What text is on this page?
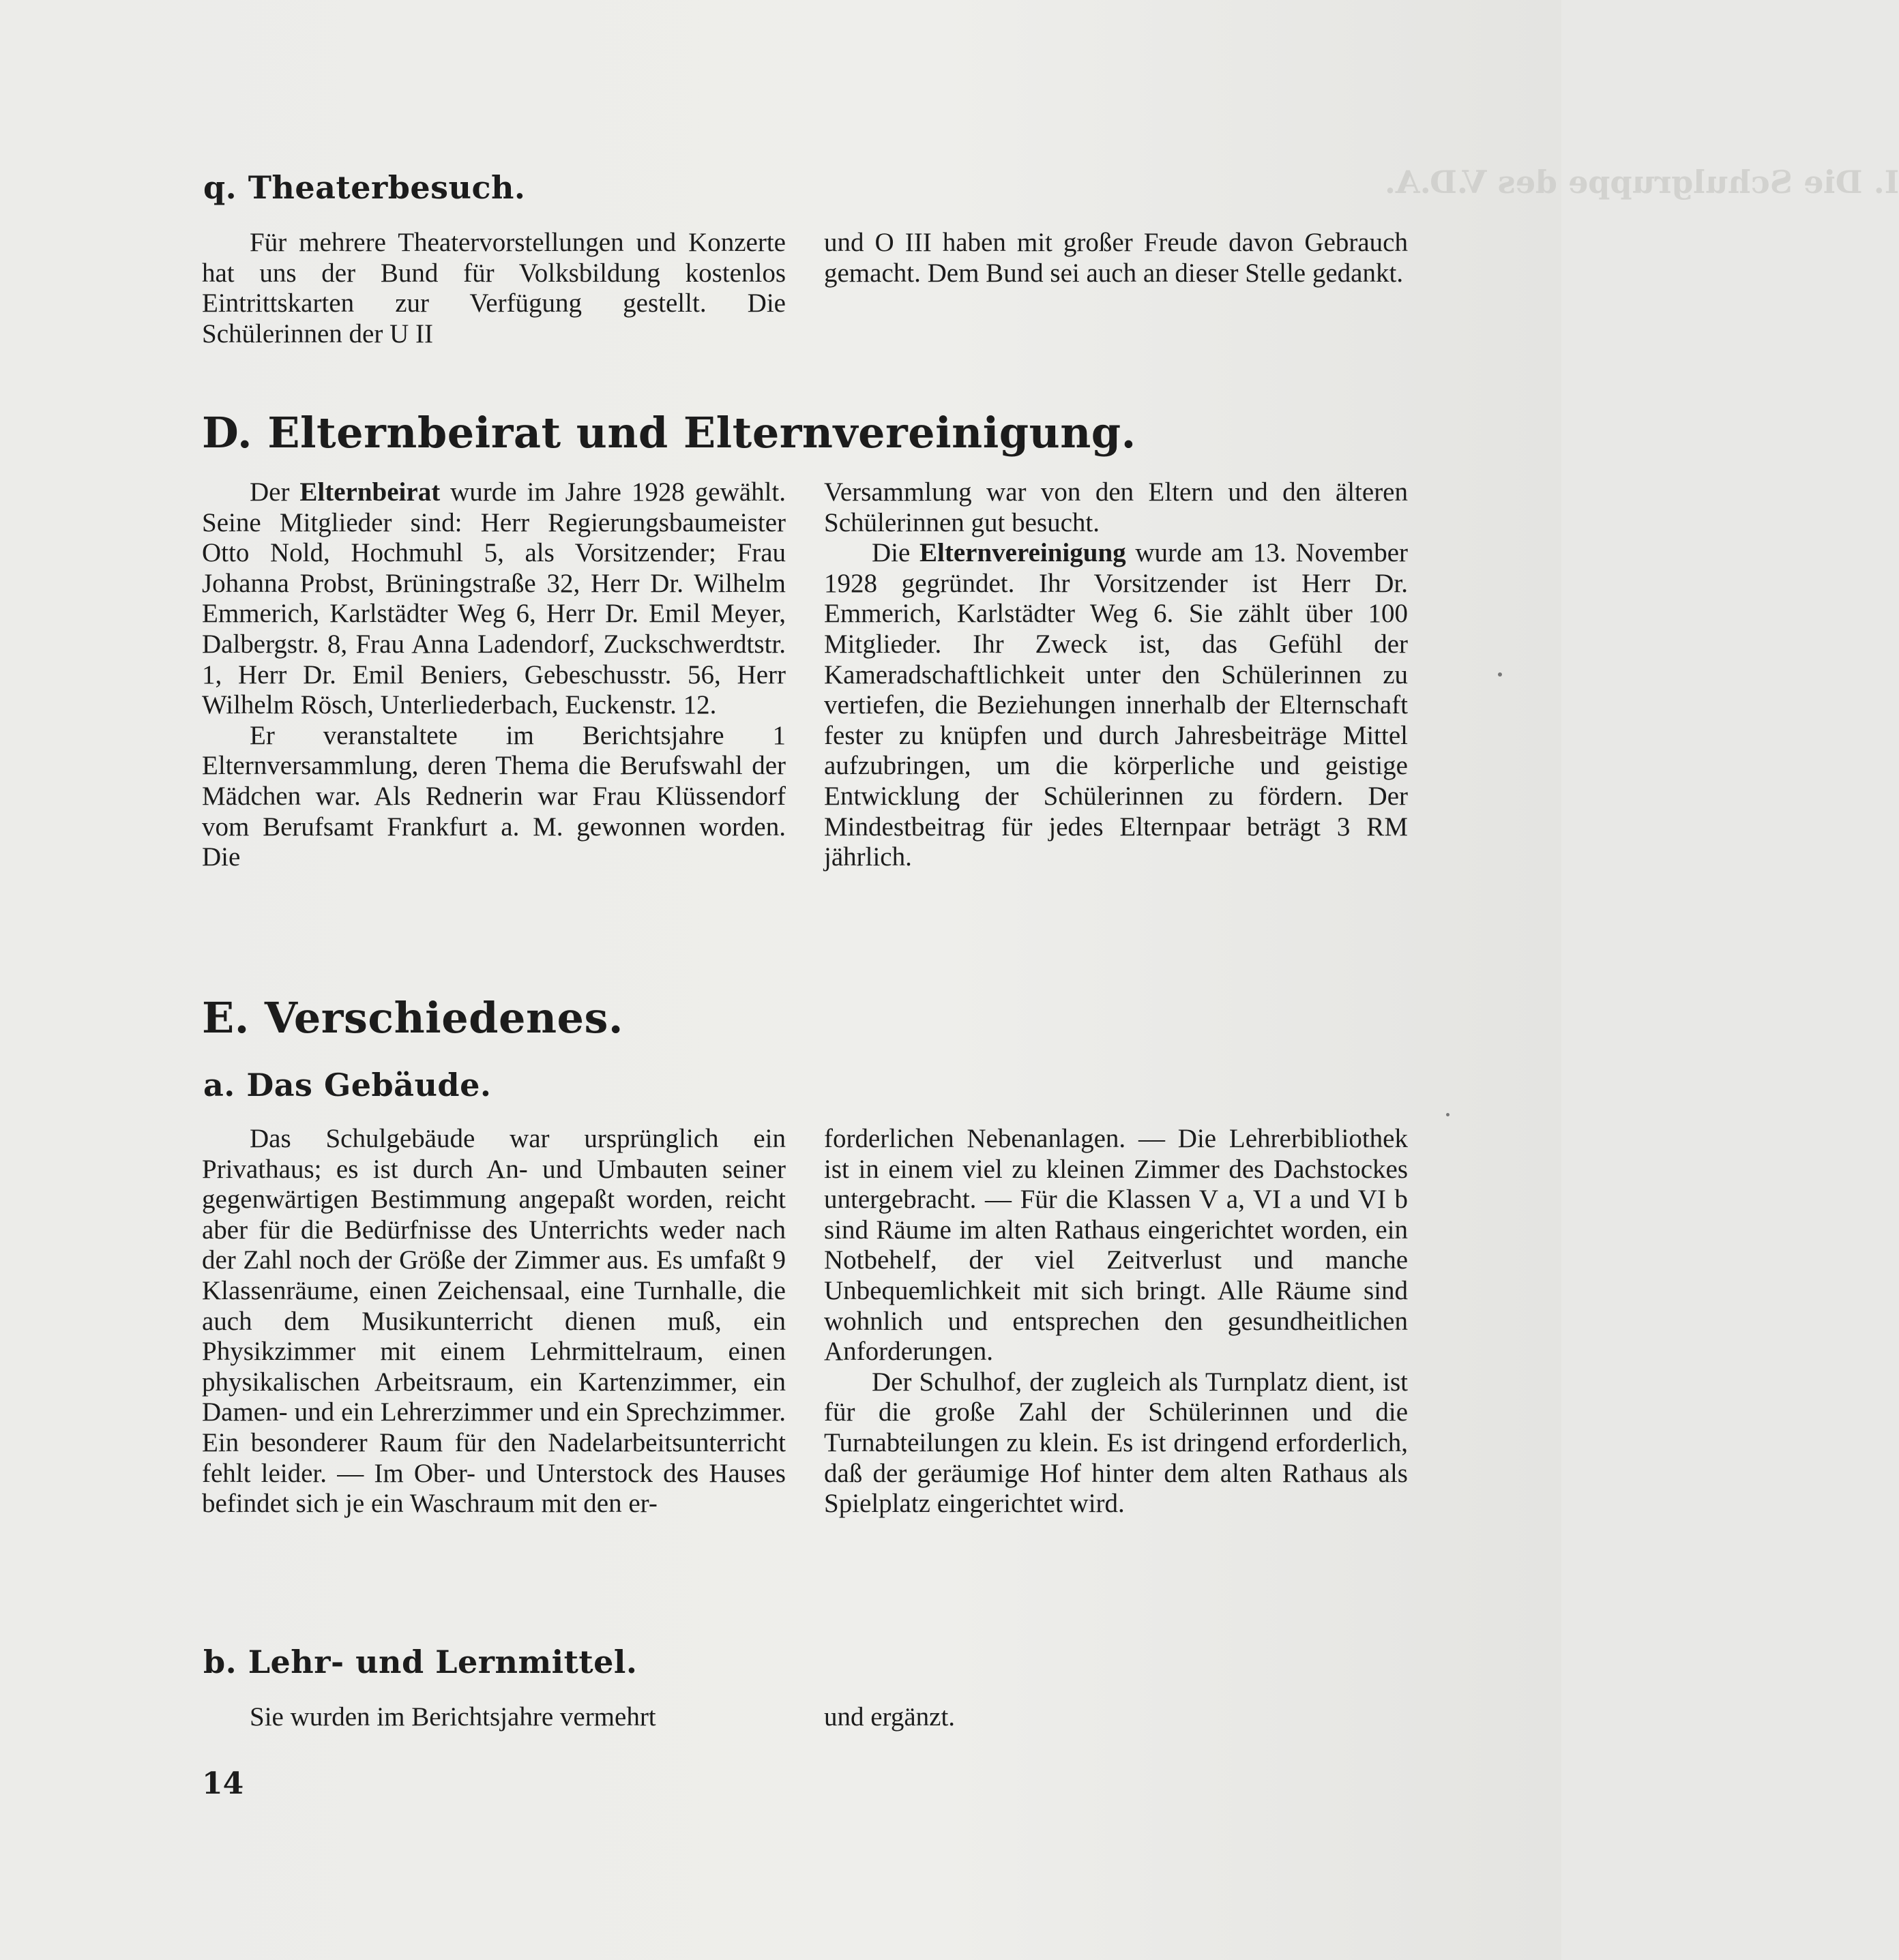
I. Die Schulgruppe des V.D.A.
q. Theaterbesuch.

Für mehrere Theatervorstellungen und Konzerte hat uns der Bund für Volksbildung kostenlos Eintrittskarten zur Verfügung gestellt. Die Schülerinnen der U II

und O III haben mit großer Freude davon Gebrauch gemacht. Dem Bund sei auch an dieser Stelle gedankt.

D. Elternbeirat und Elternvereinigung.

Der Elternbeirat wurde im Jahre 1928 gewählt. Seine Mitglieder sind: Herr Regierungsbaumeister Otto Nold, Hochmuhl 5, als Vorsitzender; Frau Johanna Probst, Brüningstraße 32, Herr Dr. Wilhelm Emmerich, Karlstädter Weg 6, Herr Dr. Emil Meyer, Dalbergstr. 8, Frau Anna Ladendorf, Zuckschwerdtstr. 1, Herr Dr. Emil Beniers, Gebeschusstr. 56, Herr Wilhelm Rösch, Unterliederbach, Euckenstr. 12.

Er veranstaltete im Berichtsjahre 1 Elternversammlung, deren Thema die Berufswahl der Mädchen war. Als Rednerin war Frau Klüssendorf vom Berufsamt Frankfurt a. M. gewonnen worden. Die

Versammlung war von den Eltern und den älteren Schülerinnen gut besucht.

Die Elternvereinigung wurde am 13. November 1928 gegründet. Ihr Vorsitzender ist Herr Dr. Emmerich, Karlstädter Weg 6. Sie zählt über 100 Mitglieder. Ihr Zweck ist, das Gefühl der Kameradschaftlichkeit unter den Schülerinnen zu vertiefen, die Beziehungen innerhalb der Elternschaft fester zu knüpfen und durch Jahresbeiträge Mittel aufzubringen, um die körperliche und geistige Entwicklung der Schülerinnen zu fördern. Der Mindestbeitrag für jedes Elternpaar beträgt 3 RM jährlich.

E. Verschiedenes.
a. Das Gebäude.

Das Schulgebäude war ursprünglich ein Privathaus; es ist durch An- und Umbauten seiner gegenwärtigen Bestimmung angepaßt worden, reicht aber für die Bedürfnisse des Unterrichts weder nach der Zahl noch der Größe der Zimmer aus. Es umfaßt 9 Klassenräume, einen Zeichensaal, eine Turnhalle, die auch dem Musikunterricht dienen muß, ein Physikzimmer mit einem Lehrmittelraum, einen physikalischen Arbeitsraum, ein Kartenzimmer, ein Damen- und ein Lehrerzimmer und ein Sprechzimmer. Ein besonderer Raum für den Nadelarbeitsunterricht fehlt leider. — Im Ober- und Unterstock des Hauses befindet sich je ein Waschraum mit den er-

forderlichen Nebenanlagen. — Die Lehrerbibliothek ist in einem viel zu kleinen Zimmer des Dachstockes untergebracht. — Für die Klassen V a, VI a und VI b sind Räume im alten Rathaus eingerichtet worden, ein Notbehelf, der viel Zeitverlust und manche Unbequemlichkeit mit sich bringt. Alle Räume sind wohnlich und entsprechen den gesundheitlichen Anforderungen.

Der Schulhof, der zugleich als Turnplatz dient, ist für die große Zahl der Schülerinnen und die Turnabteilungen zu klein. Es ist dringend erforderlich, daß der geräumige Hof hinter dem alten Rathaus als Spielplatz eingerichtet wird.

b. Lehr- und Lernmittel.

Sie wurden im Berichtsjahre vermehrt	und ergänzt.

14
